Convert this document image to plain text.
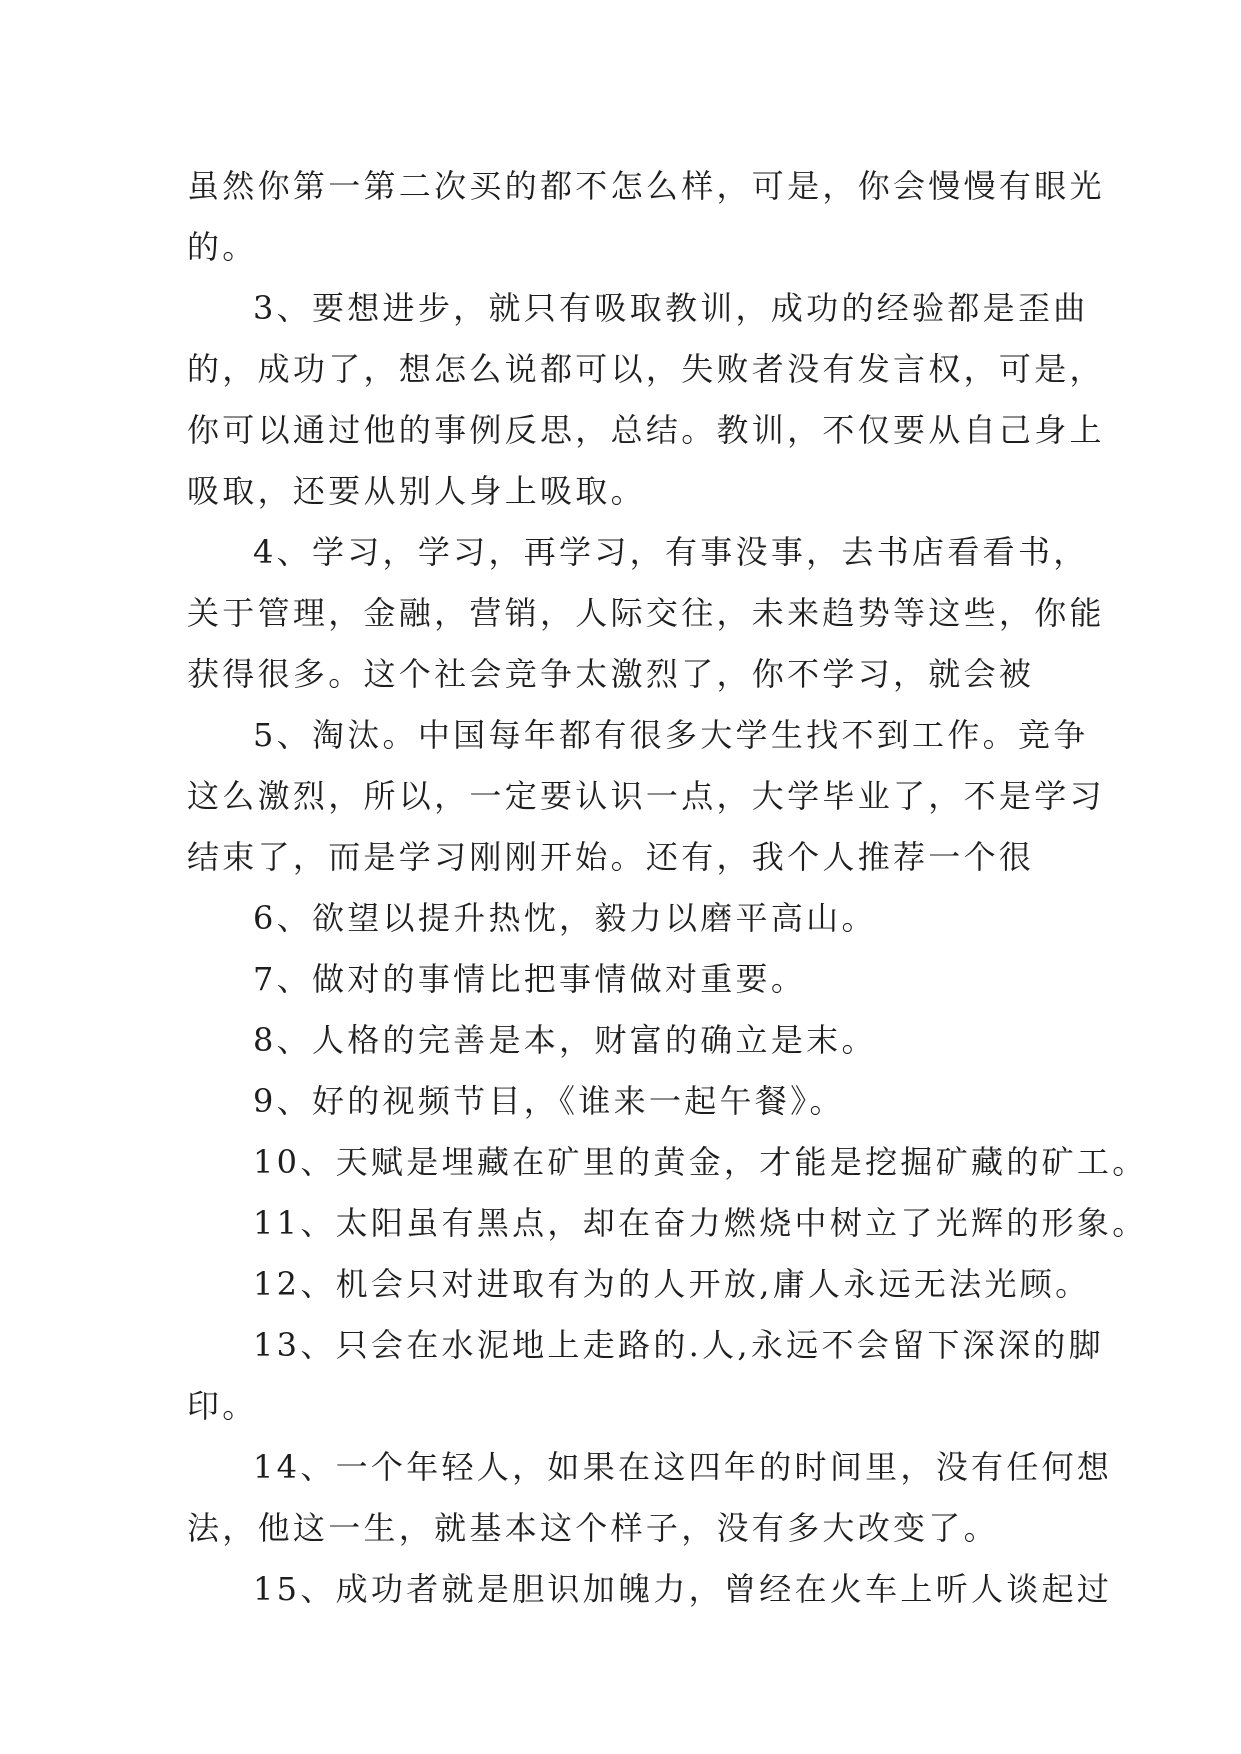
虽然你第一第二次买的都不怎么样，可是，你会慢慢有眼光
的。
3、要想进步，就只有吸取教训，成功的经验都是歪曲
的，成功了，想怎么说都可以，失败者没有发言权，可是，
你可以通过他的事例反思，总结。教训，不仅要从自己身上
吸取，还要从别人身上吸取。
4、学习，学习，再学习，有事没事，去书店看看书，
关于管理，金融，营销，人际交往，未来趋势等这些，你能
获得很多。这个社会竞争太激烈了，你不学习，就会被
5、淘汰。中国每年都有很多大学生找不到工作。竞争
这么激烈，所以，一定要认识一点，大学毕业了，不是学习
结束了，而是学习刚刚开始。还有，我个人推荐一个很
6、欲望以提升热忱，毅力以磨平高山。
7、做对的事情比把事情做对重要。
8、人格的完善是本，财富的确立是末。
9、好的视频节目，《谁来一起午餐》。
10、天赋是埋藏在矿里的黄金，才能是挖掘矿藏的矿工。
11、太阳虽有黑点，却在奋力燃烧中树立了光辉的形象。
12、机会只对进取有为的人开放,庸人永远无法光顾。
13、只会在水泥地上走路的.人,永远不会留下深深的脚
印。
14、一个年轻人，如果在这四年的时间里，没有任何想
法，他这一生，就基本这个样子，没有多大改变了。
15、成功者就是胆识加魄力，曾经在火车上听人谈起过
